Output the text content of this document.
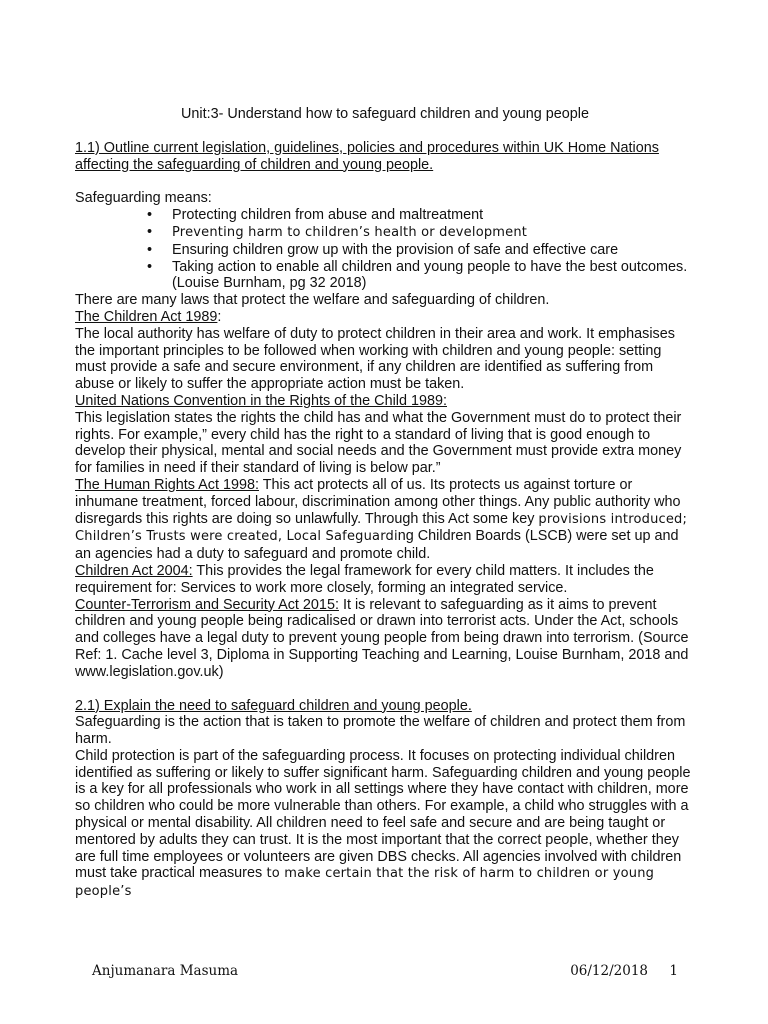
Unit:3- Understand how to safeguard children and young people

1.1) Outline current legislation, guidelines, policies and procedures within UK Home Nations affecting the safeguarding of children and young people.

Safeguarding means:

• Protecting children from abuse and maltreatment
• Preventing harm to children’s health or development
• Ensuring children grow up with the provision of safe and effective care
• Taking action to enable all children and young people to have the best outcomes. (Louise Burnham, pg 32 2018)

There are many laws that protect the welfare and safeguarding of children.

The Children Act 1989:

The local authority has welfare of duty to protect children in their area and work. It emphasises the important principles to be followed when working with children and young people: setting must provide a safe and secure environment, if any children are identified as suffering from abuse or likely to suffer the appropriate action must be taken.

United Nations Convention in the Rights of the Child 1989:

This legislation states the rights the child has and what the Government must do to protect their rights. For example,” every child has the right to a standard of living that is good enough to develop their physical, mental and social needs and the Government must provide extra money for families in need if their standard of living is below par.”

The Human Rights Act 1998: This act protects all of us. Its protects us against torture or inhumane treatment, forced labour, discrimination among other things. Any public authority who disregards this rights are doing so unlawfully. Through this Act some key provisions introduced; Children’s Trusts were created, Local Safeguarding Children Boards (LSCB) were set up and an agencies had a duty to safeguard and promote child.

Children Act 2004: This provides the legal framework for every child matters. It includes the requirement for: Services to work more closely, forming an integrated service.

Counter-Terrorism and Security Act 2015: It is relevant to safeguarding as it aims to prevent children and young people being radicalised or drawn into terrorist acts. Under the Act, schools and colleges have a legal duty to prevent young people from being drawn into terrorism. (Source Ref: 1. Cache level 3, Diploma in Supporting Teaching and Learning, Louise Burnham, 2018 and www.legislation.gov.uk)

2.1) Explain the need to safeguard children and young people.

Safeguarding is the action that is taken to promote the welfare of children and protect them from harm.

Child protection is part of the safeguarding process. It focuses on protecting individual children identified as suffering or likely to suffer significant harm. Safeguarding children and young people is a key for all professionals who work in all settings where they have contact with children, more so children who could be more vulnerable than others. For example, a child who struggles with a physical or mental disability. All children need to feel safe and secure and are being taught or mentored by adults they can trust. It is the most important that the correct people, whether they are full time employees or volunteers are given DBS checks. All agencies involved with children must take practical measures to make certain that the risk of harm to children or young people’s

Anjumanara Masuma	06/12/2018 1
